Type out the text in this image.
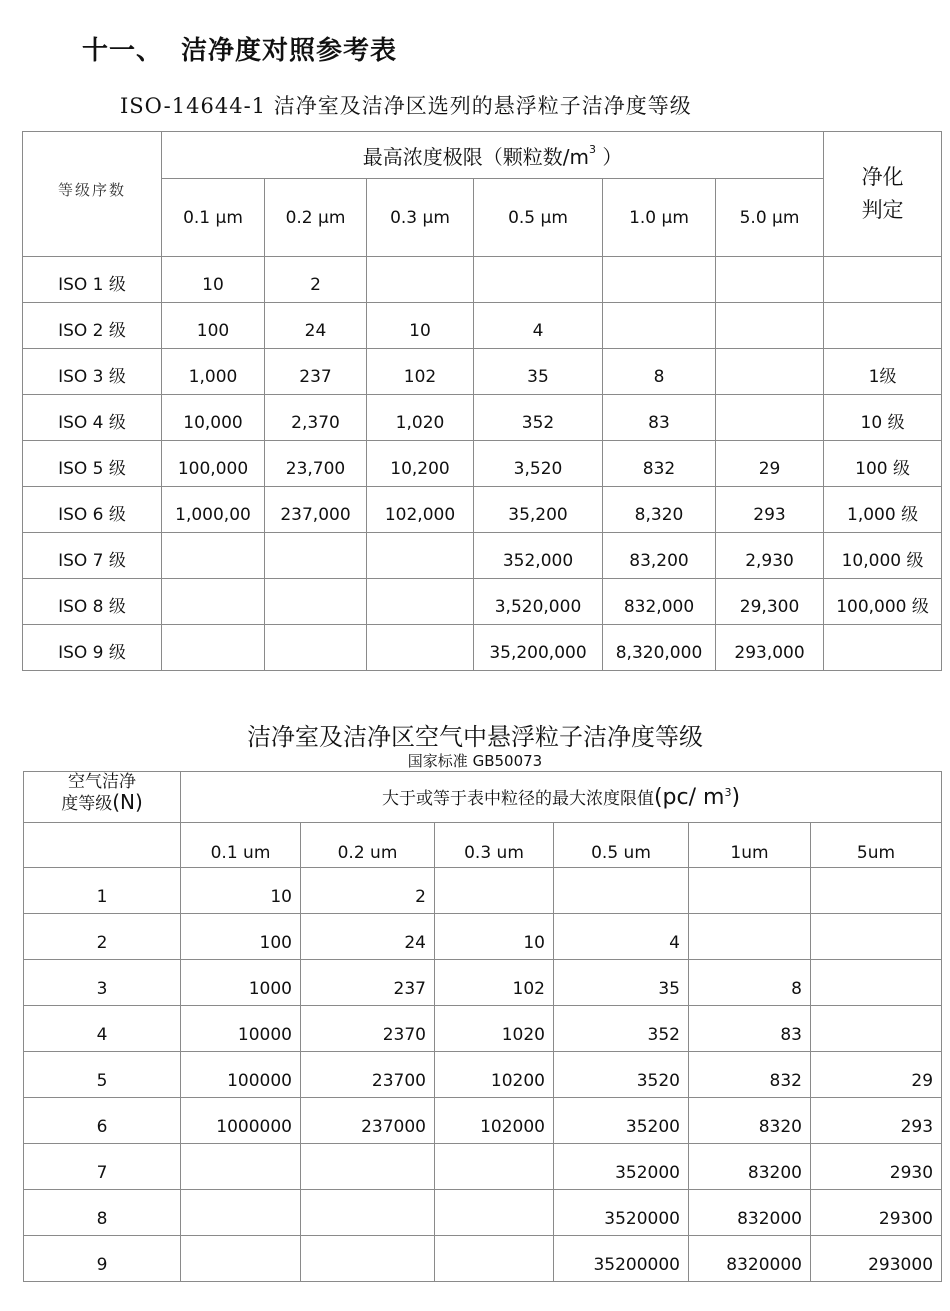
十一、 洁净度对照参考表
ISO-14644-1 洁净室及洁净区选列的悬浮粒子洁净度等级
等级序数	最高浓度极限（颗粒数$/m^3$ ）						净化
判定

	0.1 μm	0.2 μm	0.3 μm	0.5 μm	1.0 μm	5.0 μm	
ISO 1 级	10	2					
ISO 2 级	100	24	10	4			
ISO 3 级	1,000	237	102	35	8		1级
ISO 4 级	10,000	2,370	1,020	352	83		10 级
ISO 5 级	100,000	23,700	10,200	3,520	832	29	100 级
ISO 6 级	1,000,00	237,000	102,000	35,200	8,320	293	1,000 级
ISO 7 级				352,000	83,200	2,930	10,000 级
ISO 8 级				3,520,000	832,000	29,300	100,000 级
ISO 9 级				35,200,000	8,320,000	293,000	
洁净室及洁净区空气中悬浮粒子洁净度等级
国家标准 GB50073
空气洁净
度等级(N)	大于或等于表中粒径的最大浓度限值(pc/ $m^3$)					
	0.1 um	0.2 um	0.3 um	0.5 um	1um	5um
1	10	2				
2	100	24	10	4		
3	1000	237	102	35	8	
4	10000	2370	1020	352	83	
5	100000	23700	10200	3520	832	29
6	1000000	237000	102000	35200	8320	293
7				352000	83200	2930
8				3520000	832000	29300
9				35200000	8320000	293000
